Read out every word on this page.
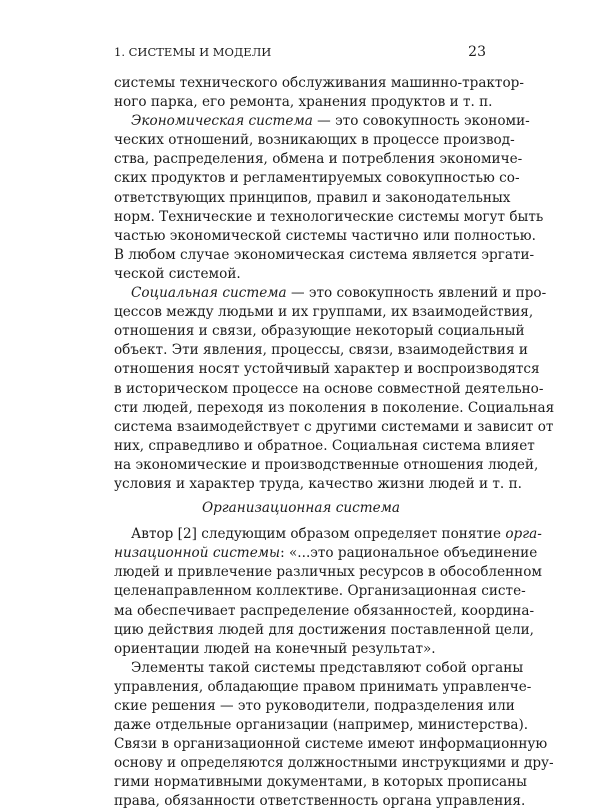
1. СИСТЕМЫ И МОДЕЛИ	23
системы технического обслуживания машинно-трактор-
ного парка, его ремонта, хранения продуктов и т. п.
Экономическая система — это совокупность экономи-
ческих отношений, возникающих в процессе производ-
ства, распределения, обмена и потребления экономиче-
ских продуктов и регламентируемых совокупностью со-
ответствующих принципов, правил и законодательных
норм. Технические и технологические системы могут быть
частью экономической системы частично или полностью.
В любом случае экономическая система является эргати-
ческой системой.
Социальная система — это совокупность явлений и про-
цессов между людьми и их группами, их взаимодействия,
отношения и связи, образующие некоторый социальный
объект. Эти явления, процессы, связи, взаимодействия и
отношения носят устойчивый характер и воспроизводятся
в историческом процессе на основе совместной деятельно-
сти людей, переходя из поколения в поколение. Социальная
система взаимодействует с другими системами и зависит от
них, справедливо и обратное. Социальная система влияет
на экономические и производственные отношения людей,
условия и характер труда, качество жизни людей и т. п.
Организационная система
Автор [2] следующим образом определяет понятие орга-
низационной системы: «...это рациональное объединение
людей и привлечение различных ресурсов в обособленном
целенаправленном коллективе. Организационная систе-
ма обеспечивает распределение обязанностей, координа-
цию действия людей для достижения поставленной цели,
ориентации людей на конечный результат».
Элементы такой системы представляют собой органы
управления, обладающие правом принимать управленче-
ские решения — это руководители, подразделения или
даже отдельные организации (например, министерства).
Связи в организационной системе имеют информационную
основу и определяются должностными инструкциями и дру-
гими нормативными документами, в которых прописаны
права, обязанности ответственность органа управления.
